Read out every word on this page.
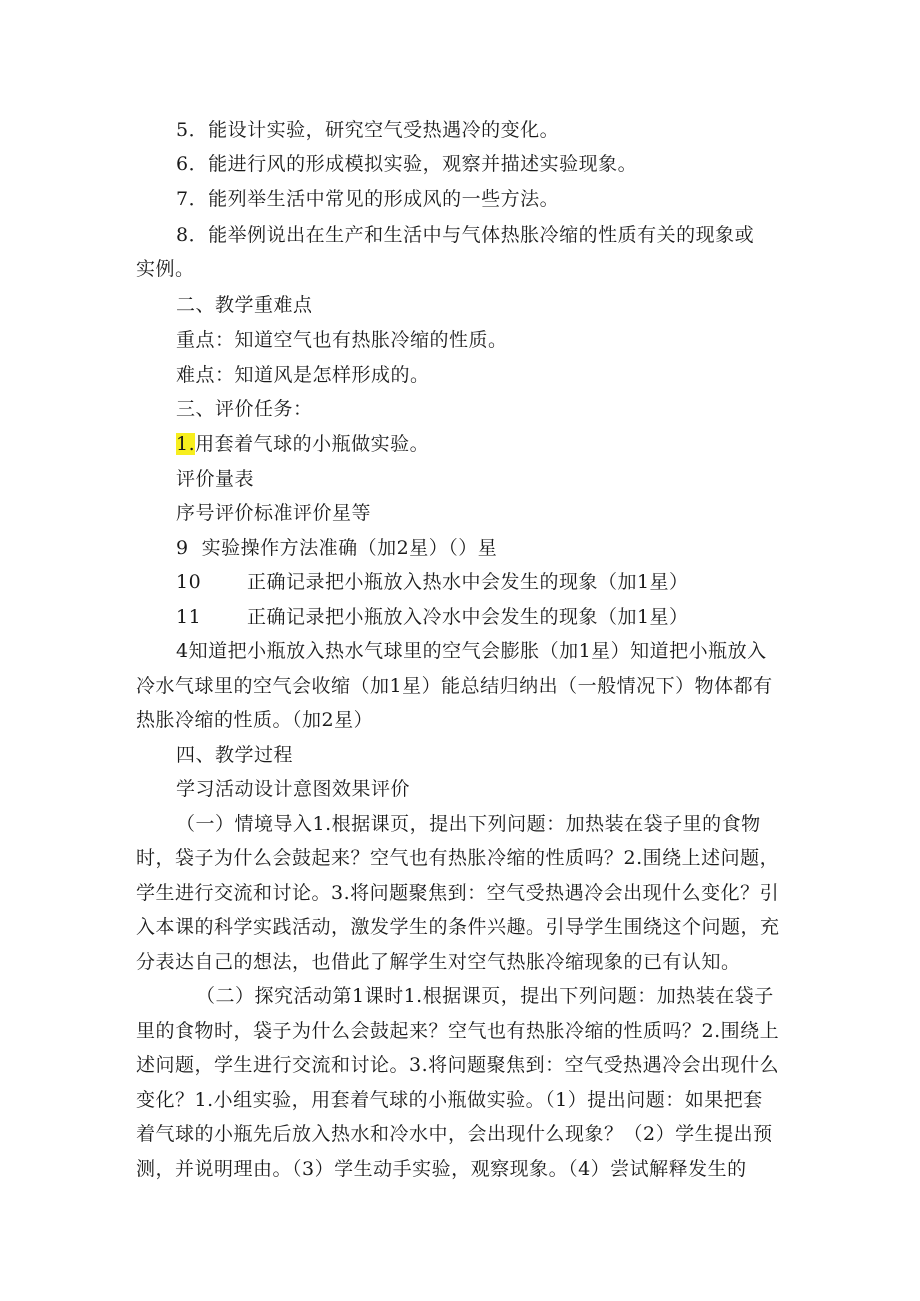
5．能设计实验，研究空气受热遇冷的变化。
6．能进行风的形成模拟实验，观察并描述实验现象。
7．能列举生活中常见的形成风的一些方法。
8．能举例说出在生产和生活中与气体热胀冷缩的性质有关的现象或
实例。
二、教学重难点
重点：知道空气也有热胀冷缩的性质。
难点：知道风是怎样形成的。
三、评价任务：
1.用套着气球的小瓶做实验。
评价量表
序号评价标准评价星等
9  实验操作方法准确（加2星）（）星
10       正确记录把小瓶放入热水中会发生的现象（加1星）
11       正确记录把小瓶放入冷水中会发生的现象（加1星）
4知道把小瓶放入热水气球里的空气会膨胀（加1星）知道把小瓶放入
冷水气球里的空气会收缩（加1星）能总结归纳出（一般情况下）物体都有
热胀冷缩的性质。（加2星）
四、教学过程
学习活动设计意图效果评价
（一）情境导入1.根据课页，提出下列问题：加热装在袋子里的食物
时，袋子为什么会鼓起来？空气也有热胀冷缩的性质吗？2.围绕上述问题，
学生进行交流和讨论。3.将问题聚焦到：空气受热遇冷会出现什么变化？引
入本课的科学实践活动，激发学生的条件兴趣。引导学生围绕这个问题，充
分表达自己的想法，也借此了解学生对空气热胀冷缩现象的已有认知。
（二）探究活动第1课时1.根据课页，提出下列问题：加热装在袋子
里的食物时，袋子为什么会鼓起来？空气也有热胀冷缩的性质吗？2.围绕上
述问题，学生进行交流和讨论。3.将问题聚焦到：空气受热遇冷会出现什么
变化？1.小组实验，用套着气球的小瓶做实验。（1）提出问题：如果把套
着气球的小瓶先后放入热水和冷水中，会出现什么现象？（2）学生提出预
测，并说明理由。（3）学生动手实验，观察现象。（4）尝试解释发生的
